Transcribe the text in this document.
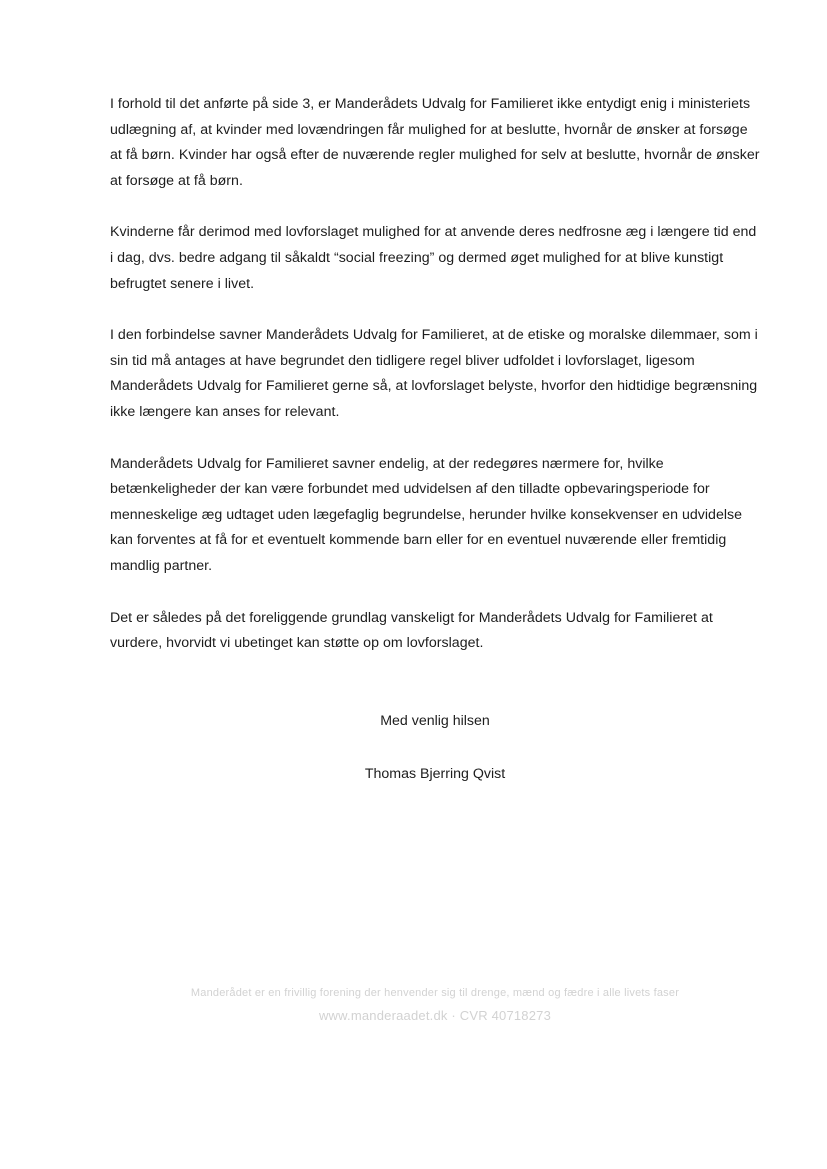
I forhold til det anførte på side 3, er Manderådets Udvalg for Familieret ikke entydigt enig i ministeriets udlægning af, at kvinder med lovændringen får mulighed for at beslutte, hvornår de ønsker at forsøge at få børn. Kvinder har også efter de nuværende regler mulighed for selv at beslutte, hvornår de ønsker at forsøge at få børn.

Kvinderne får derimod med lovforslaget mulighed for at anvende deres nedfrosne æg i længere tid end i dag, dvs. bedre adgang til såkaldt “social freezing” og dermed øget mulighed for at blive kunstigt befrugtet senere i livet.

I den forbindelse savner Manderådets Udvalg for Familieret, at de etiske og moralske dilemmaer, som i sin tid må antages at have begrundet den tidligere regel bliver udfoldet i lovforslaget, ligesom Manderådets Udvalg for Familieret gerne så, at lovforslaget belyste, hvorfor den hidtidige begrænsning ikke længere kan anses for relevant.

Manderådets Udvalg for Familieret savner endelig, at der redegøres nærmere for, hvilke betænkeligheder der kan være forbundet med udvidelsen af den tilladte opbevaringsperiode for menneskelige æg udtaget uden lægefaglig begrundelse, herunder hvilke konsekvenser en udvidelse kan forventes at få for et eventuelt kommende barn eller for en eventuel nuværende eller fremtidig mandlig partner.

Det er således på det foreliggende grundlag vanskeligt for Manderådets Udvalg for Familieret at vurdere, hvorvidt vi ubetinget kan støtte op om lovforslaget.

Med venlig hilsen
Thomas Bjerring Qvist
Manderådet er en frivillig forening der henvender sig til drenge, mænd og fædre i alle livets faser
www.manderaadet.dk · CVR 40718273
